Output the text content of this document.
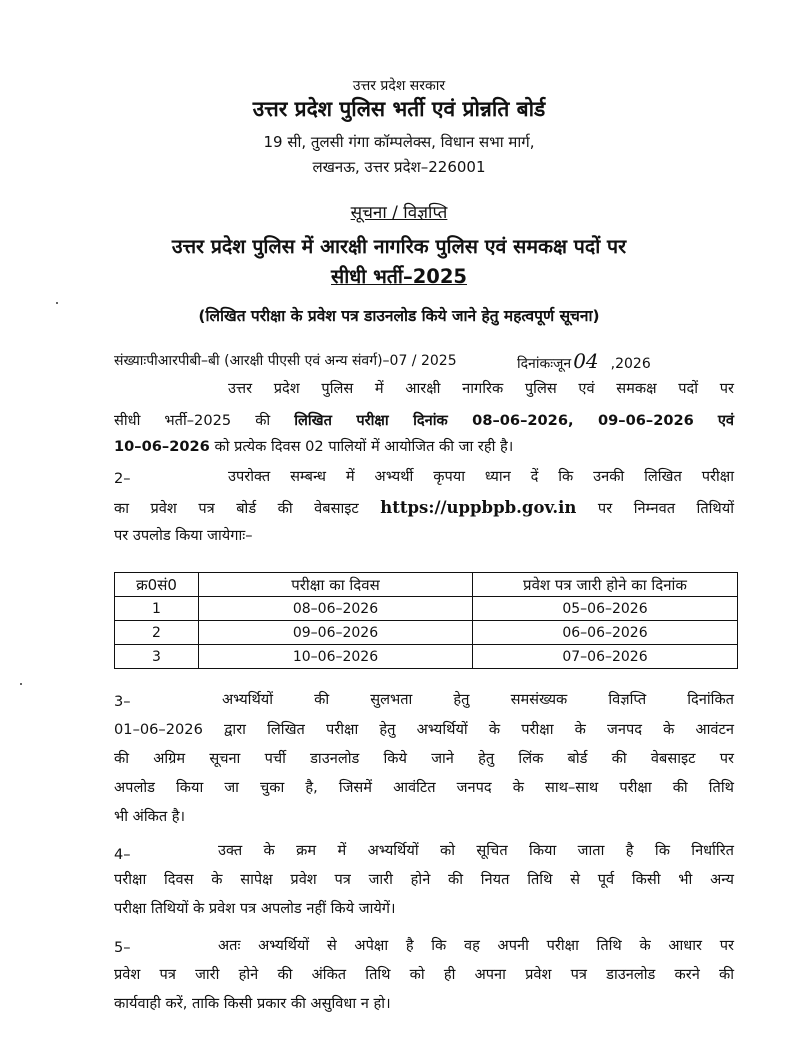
उत्तर प्रदेश सरकार
उत्तर प्रदेश पुलिस भर्ती एवं प्रोन्नति बोर्ड
19 सी, तुलसी गंगा कॉम्पलेक्स, विधान सभा मार्ग,
लखनऊ, उत्तर प्रदेश–226001
सूचना / विज्ञप्ति
उत्तर प्रदेश पुलिस में आरक्षी नागरिक पुलिस एवं समकक्ष पदों पर
सीधी भर्ती–2025
(लिखित परीक्षा के प्रवेश पत्र डाउनलोड किये जाने हेतु महत्वपूर्ण सूचना)
संख्याःपीआरपीबी–बी (आरक्षी पीएसी एवं अन्य संवर्ग)–07 / 2025	दिनांकःजून 04 ,2026
उत्तर प्रदेश पुलिस में आरक्षी नागरिक पुलिस एवं समकक्ष पदों पर
सीधी भर्ती–2025 की लिखित परीक्षा दिनांक 08–06–2026, 09–06–2026 एवं
10–06–2026 को प्रत्येक दिवस 02 पालियों में आयोजित की जा रही है।
2–	उपरोक्त सम्बन्ध में अभ्यर्थी कृपया ध्यान दें कि उनकी लिखित परीक्षा
का प्रवेश पत्र बोर्ड की वेबसाइट https://uppbpb.gov.in पर निम्नवत तिथियों
पर उपलोड किया जायेगाः–
क्र0सं0	परीक्षा का दिवस	प्रवेश पत्र जारी होने का दिनांक
1	08–06–2026	05–06–2026
2	09–06–2026	06–06–2026
3	10–06–2026	07–06–2026
3–	अभ्यर्थियों की सुलभता हेतु समसंख्यक विज्ञप्ति दिनांकित
01–06–2026 द्वारा लिखित परीक्षा हेतु अभ्यर्थियों के परीक्षा के जनपद के आवंटन
की अग्रिम सूचना पर्ची डाउनलोड किये जाने हेतु लिंक बोर्ड की वेबसाइट पर
अपलोड किया जा चुका है, जिसमें आवंटित जनपद के साथ–साथ परीक्षा की तिथि
भी अंकित है।
4–	उक्त के क्रम में अभ्यर्थियों को सूचित किया जाता है कि निर्धारित
परीक्षा दिवस के सापेक्ष प्रवेश पत्र जारी होने की नियत तिथि से पूर्व किसी भी अन्य
परीक्षा तिथियों के प्रवेश पत्र अपलोड नहीं किये जायेगें।
5–	अतः अभ्यर्थियों से अपेक्षा है कि वह अपनी परीक्षा तिथि के आधार पर
प्रवेश पत्र जारी होने की अंकित तिथि को ही अपना प्रवेश पत्र डाउनलोड करने की
कार्यवाही करें, ताकि किसी प्रकार की असुविधा न हो।
